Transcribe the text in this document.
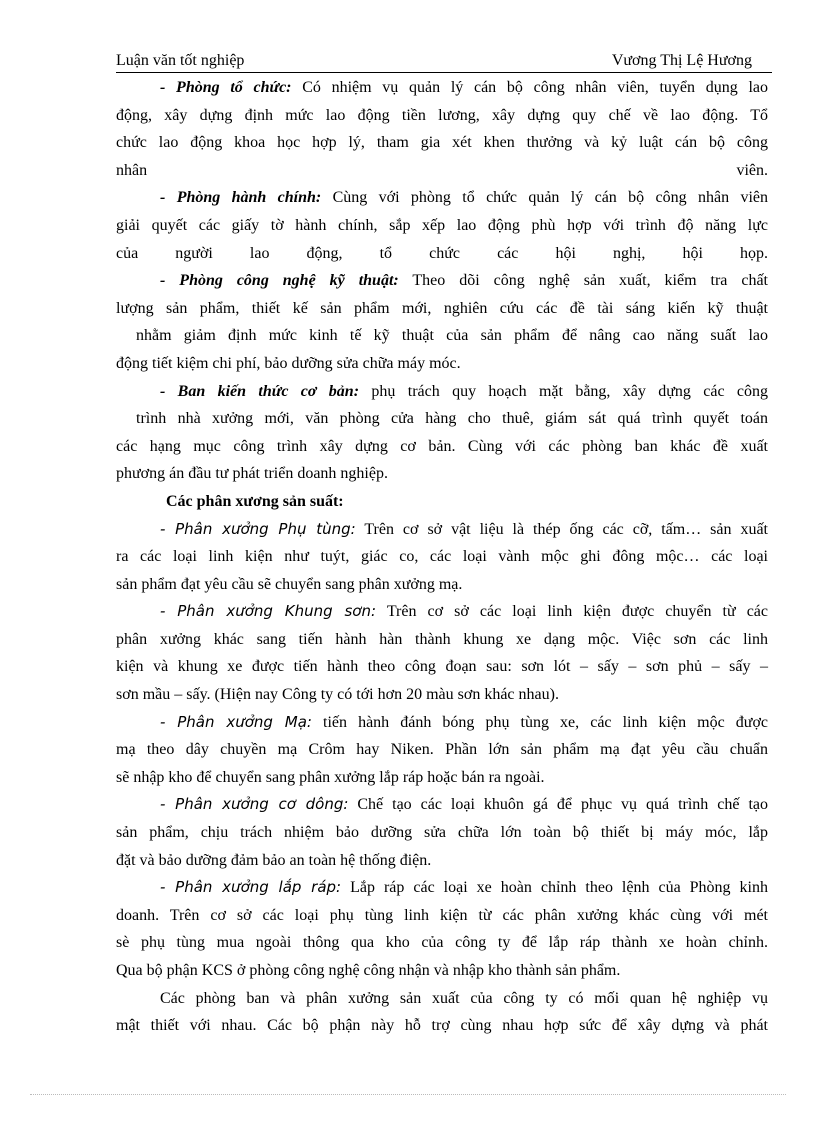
Luận văn tốt nghiệp	Vương Thị Lệ Hương

- Phòng tổ chức: Có nhiệm vụ quản lý cán bộ công nhân viên, tuyển dụng lao

động, xây dựng định mức lao động tiền lương, xây dựng quy chế về lao động. Tổ

chức lao động khoa học hợp lý, tham gia xét khen thưởng và kỷ luật cán bộ công

nhân viên.

- Phòng hành chính: Cùng với phòng tổ chức quản lý cán bộ công nhân viên

giải quyết các giấy tờ hành chính, sắp xếp lao động phù hợp với trình độ năng lực

của người lao động, tổ chức các hội nghị, hội họp.

- Phòng công nghệ kỹ thuật: Theo dõi công nghệ sản xuất, kiểm tra chất

lượng sản phẩm, thiết kế sản phẩm mới, nghiên cứu các đề tài sáng kiến kỹ thuật

nhằm giảm định mức kinh tế kỹ thuật của sản phẩm để nâng cao năng suất lao

động tiết kiệm chi phí, bảo dưỡng sửa chữa máy móc.

- Ban kiến thức cơ bản: phụ trách quy hoạch mặt bằng, xây dựng các công

trình nhà xưởng mới, văn phòng cửa hàng cho thuê, giám sát quá trình quyết toán

các hạng mục công trình xây dựng cơ bản. Cùng với các phòng ban khác đề xuất

phương án đầu tư phát triển doanh nghiệp.

Các phân xương sản suất:

- Phân xưởng Phụ tùng: Trên cơ sở vật liệu là thép ống các cỡ, tấm… sản xuất

ra các loại linh kiện như tuýt, giác co, các loại vành mộc ghi đông mộc… các loại

sản phẩm đạt yêu cầu sẽ chuyển sang phân xưởng mạ.

- Phân xưởng Khung sơn: Trên cơ sở các loại linh kiện được chuyển từ các

phân xưởng khác sang tiến hành hàn thành khung xe dạng mộc. Việc sơn các linh

kiện và khung xe được tiến hành theo công đoạn sau: sơn lót – sấy – sơn phủ – sấy –

sơn mầu – sấy. (Hiện nay Công ty có tới hơn 20 màu sơn khác nhau).

- Phân xưởng Mạ: tiến hành đánh bóng phụ tùng xe, các linh kiện mộc được

mạ theo dây chuyền mạ Crôm hay Niken. Phần lớn sản phẩm mạ đạt yêu cầu chuẩn

sẽ nhập kho để chuyển sang phân xưởng lắp ráp hoặc bán ra ngoài.

- Phân xưởng cơ dông: Chế tạo các loại khuôn gá để phục vụ quá trình chế tạo

sản phẩm, chịu trách nhiệm bảo dưỡng sửa chữa lớn toàn bộ thiết bị máy móc, lắp

đặt và bảo dưỡng đảm bảo an toàn hệ thống điện.

- Phân xưởng lắp ráp: Lắp ráp các loại xe hoàn chỉnh theo lệnh của Phòng kinh

doanh. Trên cơ sở các loại phụ tùng linh kiện từ các phân xưởng khác cùng với mét

sè phụ tùng mua ngoài thông qua kho của công ty để lắp ráp thành xe hoàn chỉnh.

Qua bộ phận KCS ở phòng công nghệ công nhận và nhập kho thành sản phẩm.

Các phòng ban và phân xưởng sản xuất của công ty có mối quan hệ nghiệp vụ

mật thiết với nhau. Các bộ phận này hỗ trợ cùng nhau hợp sức để xây dựng và phát
